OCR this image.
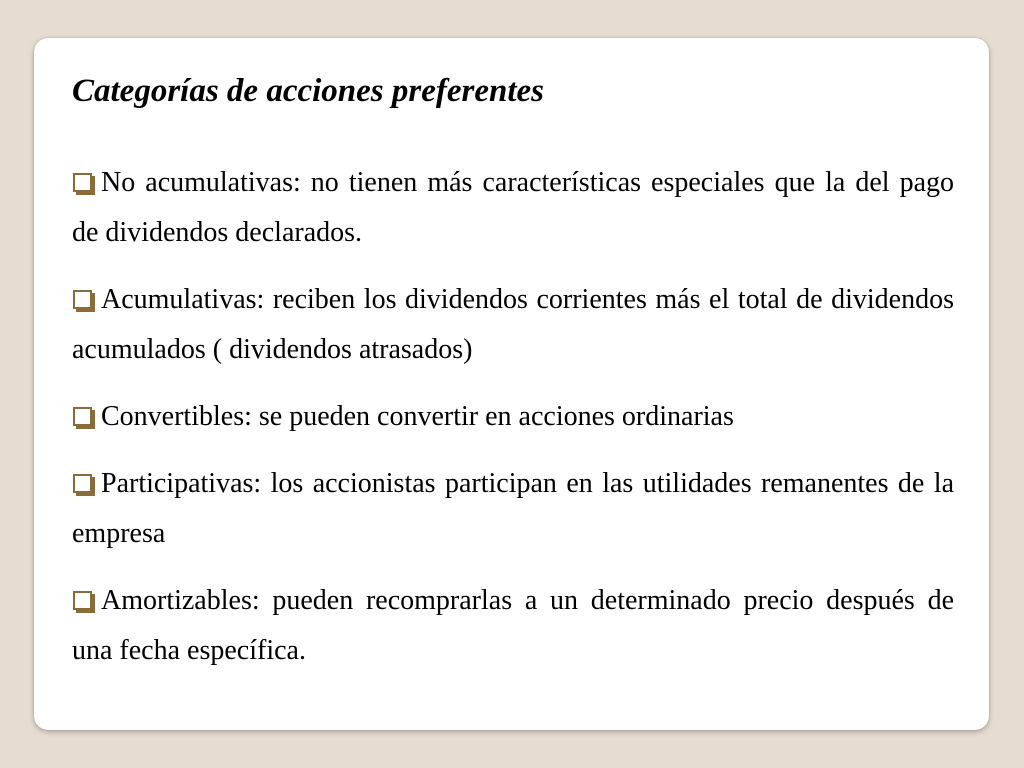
Categorías de acciones preferentes
No acumulativas: no tienen más características especiales que la del pago de dividendos declarados.
Acumulativas: reciben los dividendos corrientes más el total de dividendos acumulados ( dividendos atrasados)
Convertibles: se pueden convertir en acciones ordinarias
Participativas: los accionistas participan en las utilidades remanentes de la empresa
Amortizables: pueden recomprarlas a un determinado precio después de una fecha específica.
